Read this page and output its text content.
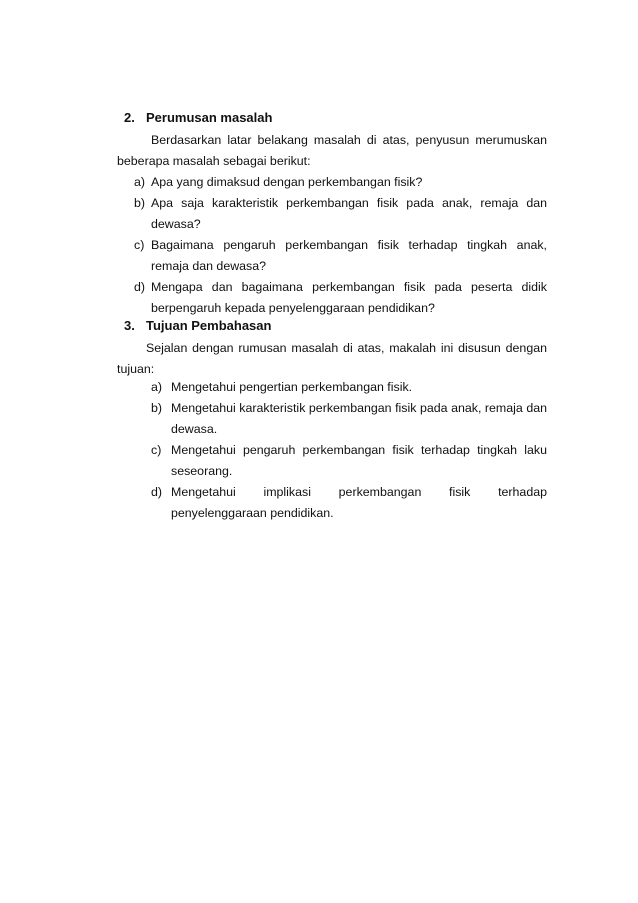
2. Perumusan masalah
Berdasarkan latar belakang masalah di atas, penyusun merumuskan beberapa masalah sebagai berikut:
a) Apa yang dimaksud dengan perkembangan fisik?
b) Apa saja karakteristik perkembangan fisik pada anak, remaja dan dewasa?
c) Bagaimana pengaruh perkembangan fisik terhadap tingkah anak, remaja dan dewasa?
d) Mengapa dan bagaimana perkembangan fisik pada peserta didik berpengaruh kepada penyelenggaraan pendidikan?
3. Tujuan Pembahasan
Sejalan dengan rumusan masalah di atas, makalah ini disusun dengan tujuan:
a) Mengetahui pengertian perkembangan fisik.
b) Mengetahui karakteristik perkembangan fisik pada anak, remaja dan dewasa.
c) Mengetahui pengaruh perkembangan fisik terhadap tingkah laku seseorang.
d) Mengetahui implikasi perkembangan fisik terhadap penyelenggaraan pendidikan.
